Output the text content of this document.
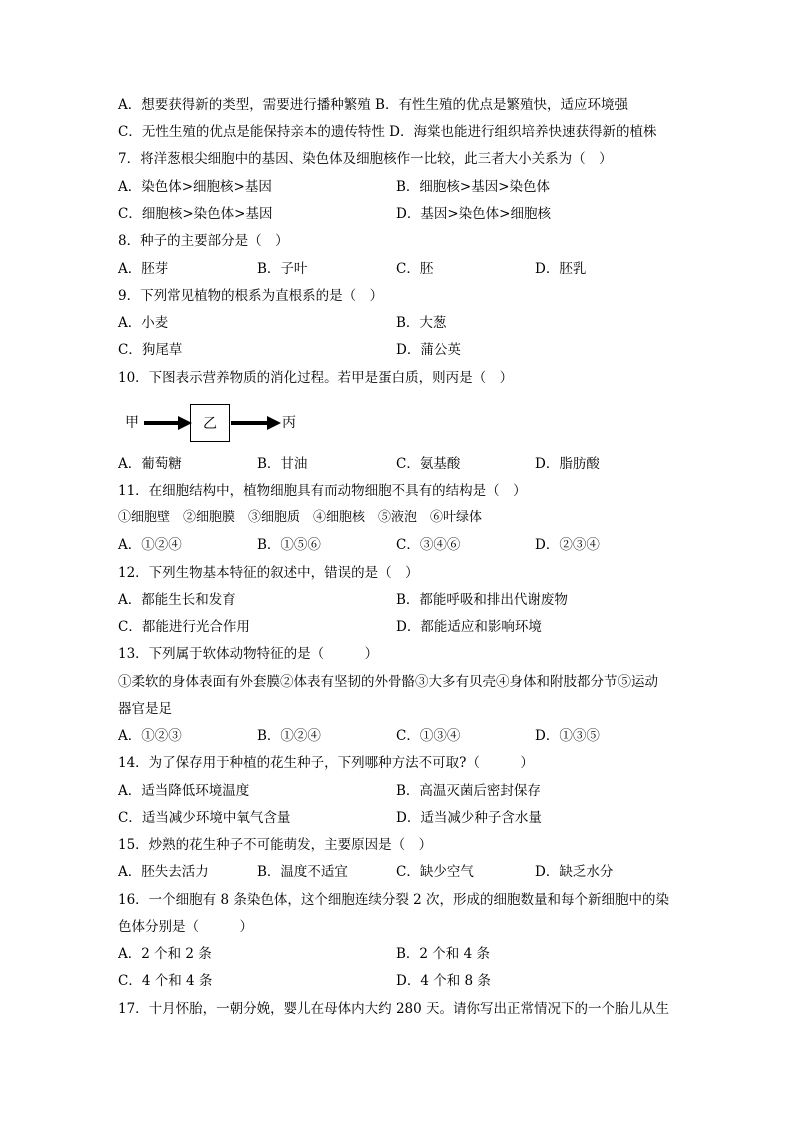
A．想要获得新的类型，需要进行播种繁殖 B．有性生殖的优点是繁殖快，适应环境强
C．无性生殖的优点是能保持亲本的遗传特性 D．海棠也能进行组织培养快速获得新的植株
7．将洋葱根尖细胞中的基因、染色体及细胞核作一比较，此三者大小关系为（　）
A．染色体>细胞核>基因	B．细胞核>基因>染色体
C．细胞核>染色体>基因	D．基因>染色体>细胞核
8．种子的主要部分是（　）
A．胚芽	B．子叶	C．胚	D．胚乳
9．下列常见植物的根系为直根系的是（　）
A．小麦	B．大葱
C．狗尾草	D．蒲公英
10．下图表示营养物质的消化过程。若甲是蛋白质，则丙是（　）
甲	乙	丙
A．葡萄糖	B．甘油	C．氨基酸	D．脂肪酸
11．在细胞结构中，植物细胞具有而动物细胞不具有的结构是（　）
①细胞壁　②细胞膜　③细胞质　④细胞核　⑤液泡　⑥叶绿体
A．①②④	B．①⑤⑥	C．③④⑥	D．②③④
12．下列生物基本特征的叙述中，错误的是（　）
A．都能生长和发育	B．都能呼吸和排出代谢废物
C．都能进行光合作用	D．都能适应和影响环境
13．下列属于软体动物特征的是（　　　）
①柔软的身体表面有外套膜②体表有坚韧的外骨骼③大多有贝壳④身体和附肢都分节⑤运动
器官是足
A．①②③	B．①②④	C．①③④	D．①③⑤
14．为了保存用于种植的花生种子，下列哪种方法不可取?（　　　）
A．适当降低环境温度	B．高温灭菌后密封保存
C．适当减少环境中氧气含量	D．适当减少种子含水量
15．炒熟的花生种子不可能萌发，主要原因是（　）
A．胚失去活力	B．温度不适宜	C．缺少空气	D．缺乏水分
16．一个细胞有 8 条染色体，这个细胞连续分裂 2 次，形成的细胞数量和每个新细胞中的染
色体分别是（　　　）
A．2 个和 2 条	B．2 个和 4 条
C．4 个和 4 条	D．4 个和 8 条
17．十月怀胎，一朝分娩，婴儿在母体内大约 280 天。请你写出正常情况下的一个胎儿从生
